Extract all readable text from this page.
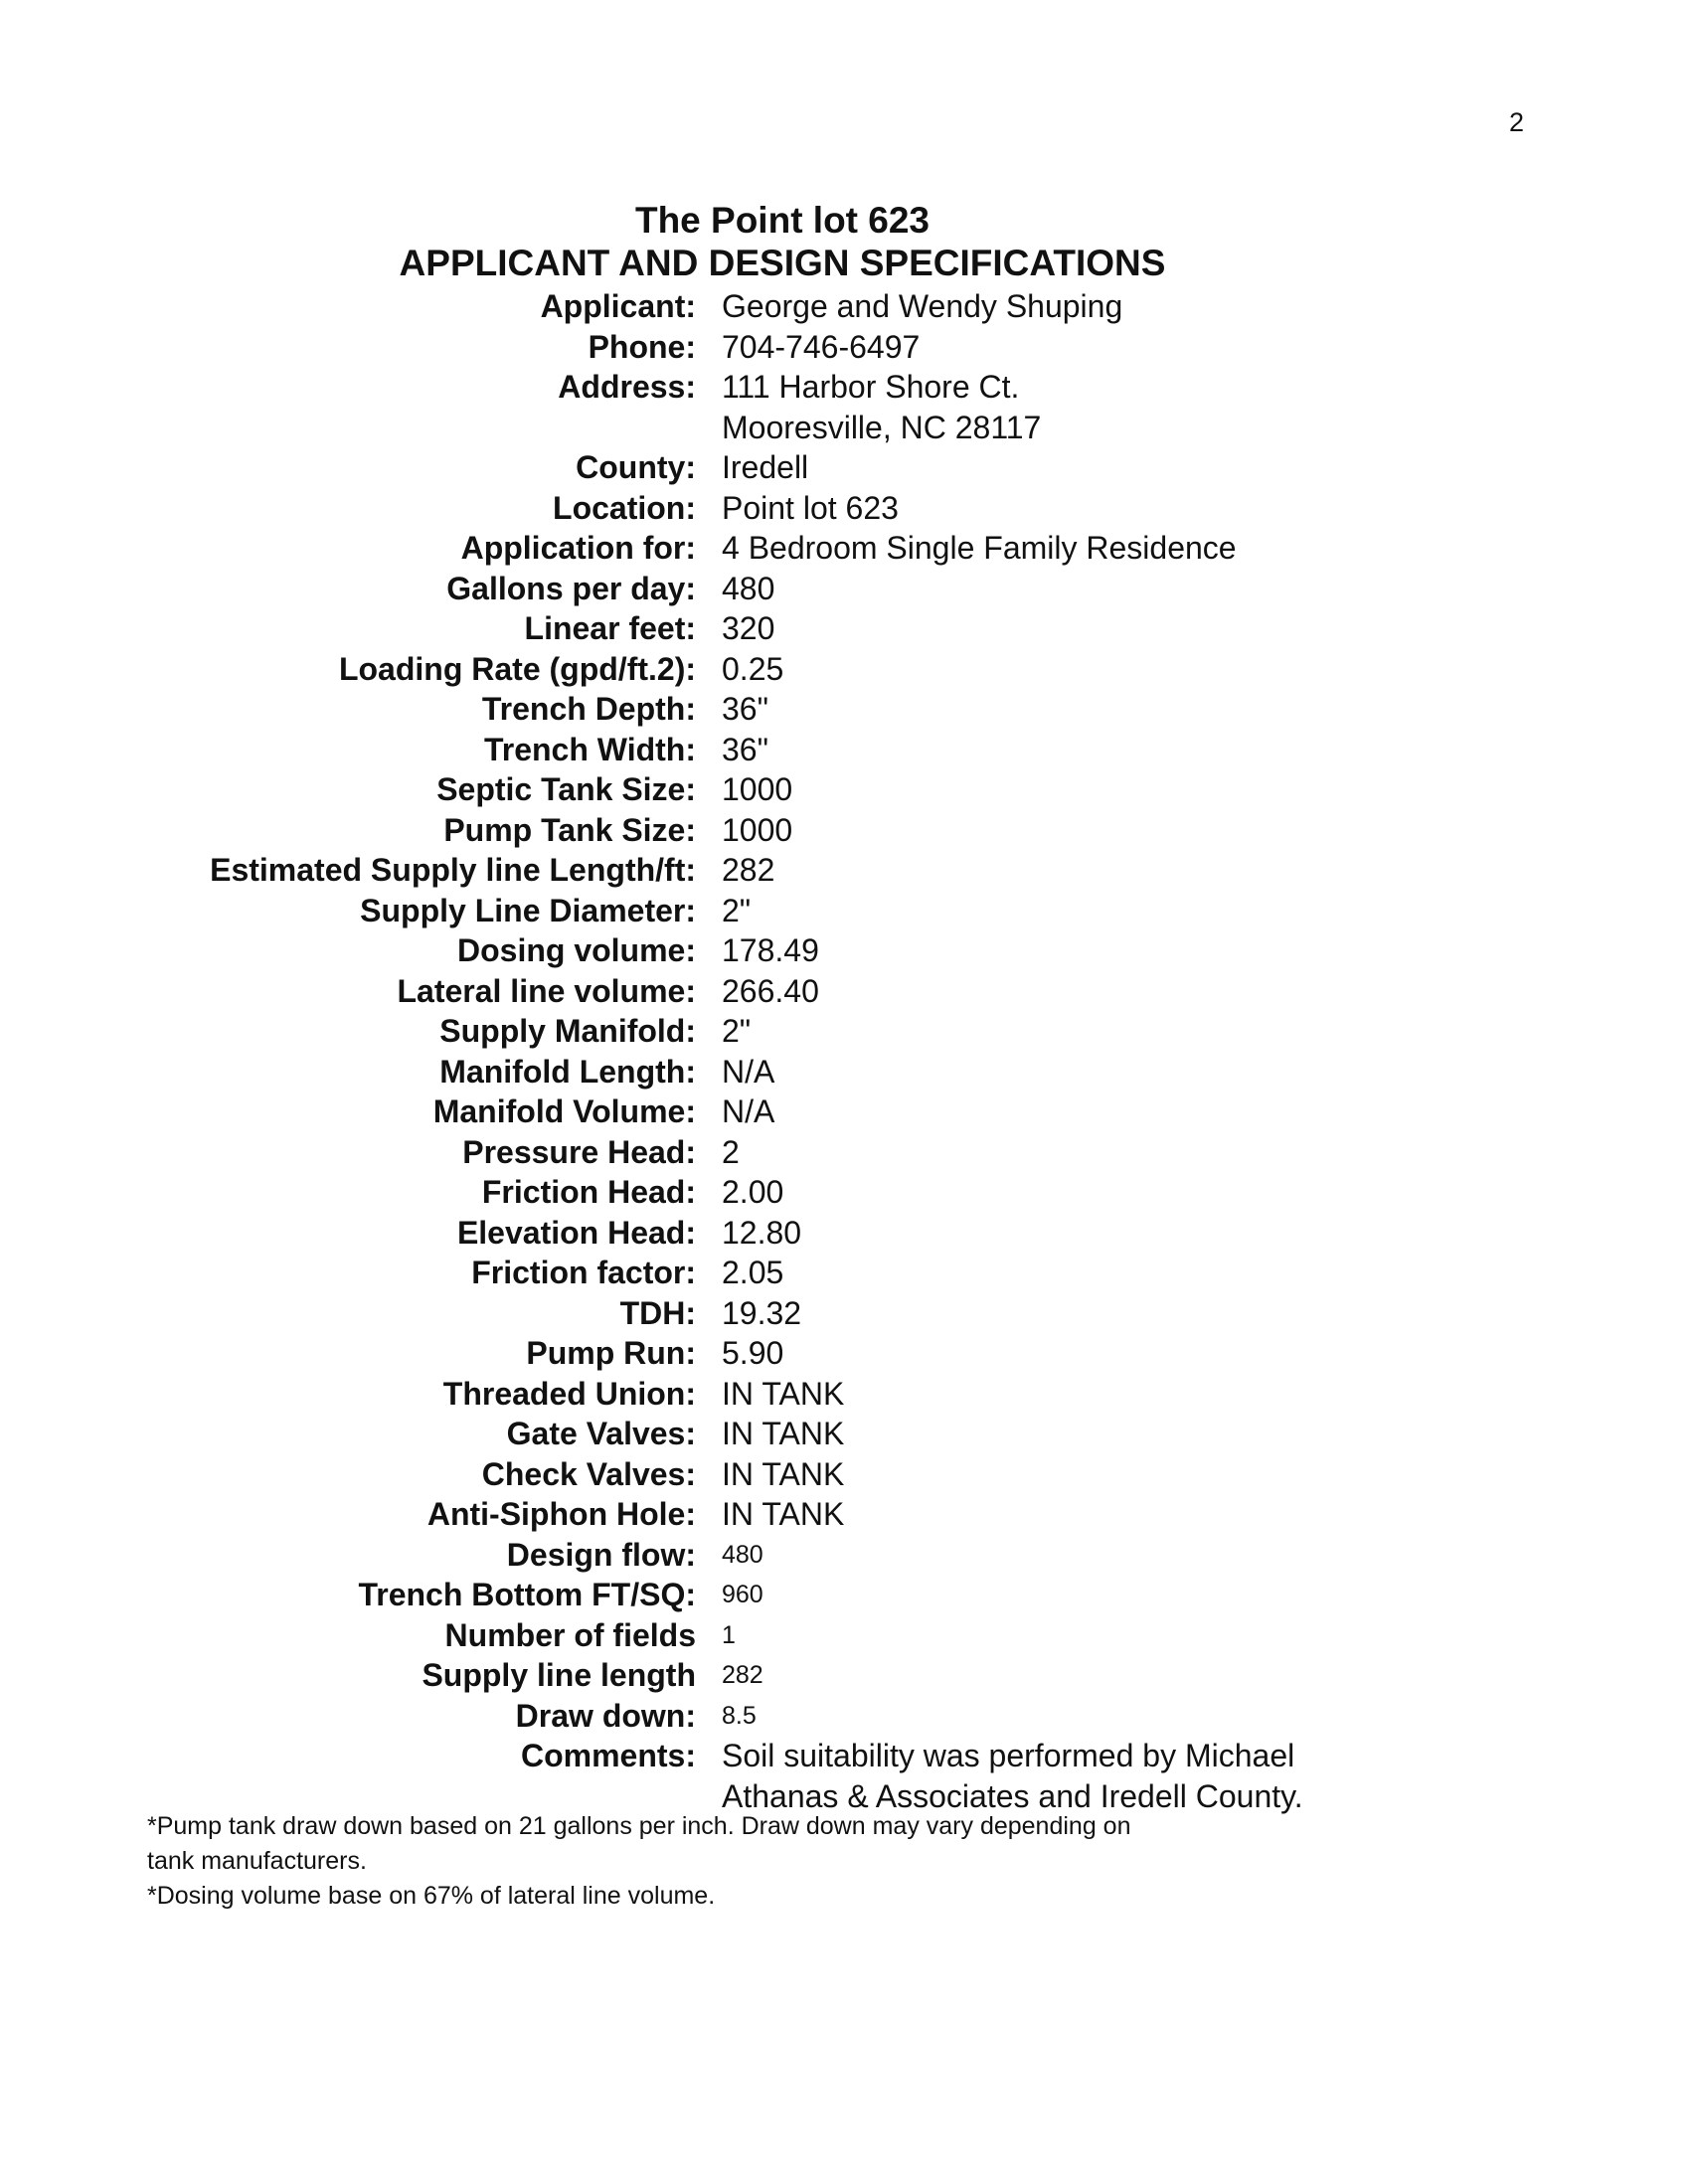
2
The Point lot 623
APPLICANT AND DESIGN SPECIFICATIONS
Applicant: George and Wendy Shuping
Phone: 704-746-6497
Address: 111 Harbor Shore Ct.
Mooresville, NC 28117
County: Iredell
Location: Point lot 623
Application for: 4 Bedroom Single Family Residence
Gallons per day: 480
Linear feet: 320
Loading Rate (gpd/ft.2): 0.25
Trench Depth: 36"
Trench Width: 36"
Septic Tank Size: 1000
Pump Tank Size: 1000
Estimated Supply line Length/ft: 282
Supply Line Diameter: 2"
Dosing volume: 178.49
Lateral line volume: 266.40
Supply Manifold: 2"
Manifold Length: N/A
Manifold Volume: N/A
Pressure Head: 2
Friction Head: 2.00
Elevation Head: 12.80
Friction factor: 2.05
TDH: 19.32
Pump Run: 5.90
Threaded Union: IN TANK
Gate Valves: IN TANK
Check Valves: IN TANK
Anti-Siphon Hole: IN TANK
Design flow: 480
Trench Bottom FT/SQ: 960
Number of fields 1
Supply line length 282
Draw down: 8.5
Comments: Soil suitability was performed by Michael
Athanas & Associates and Iredell County.

*Pump tank draw down based on 21 gallons per inch. Draw down may vary depending on

tank manufacturers.

*Dosing volume base on 67% of lateral line volume.
